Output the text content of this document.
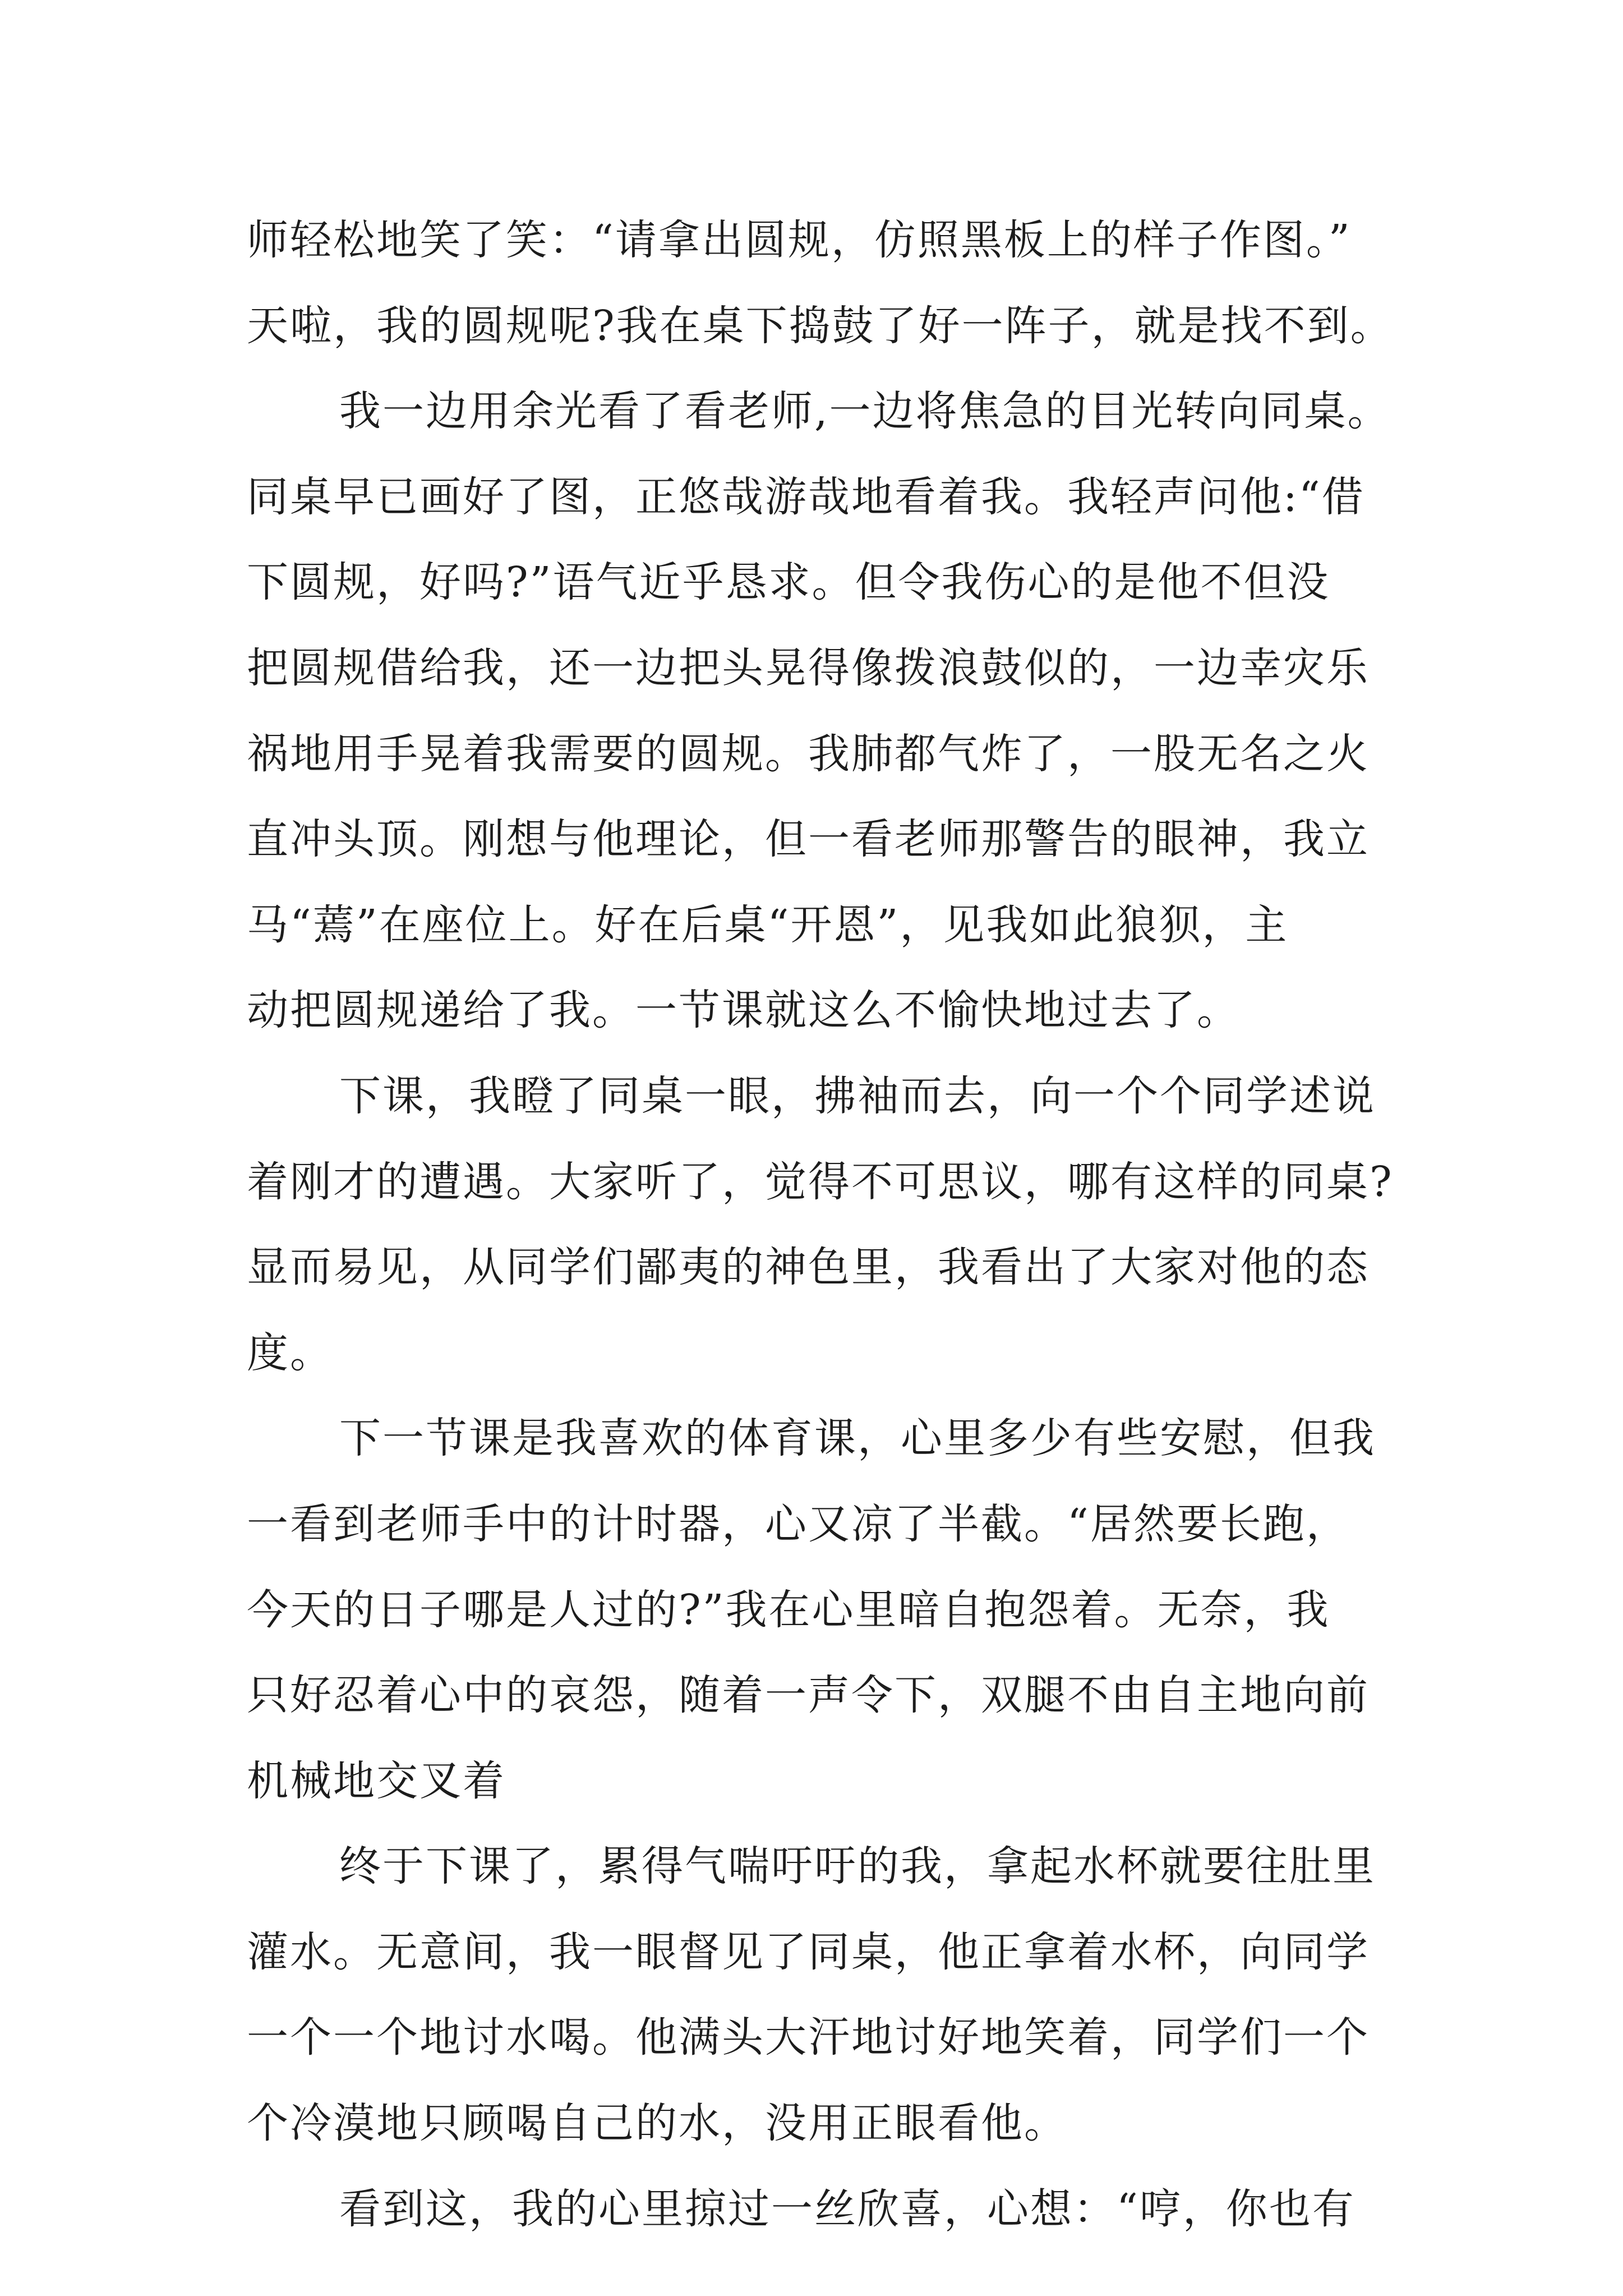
师轻松地笑了笑：“请拿出圆规，仿照黑板上的样子作图。”
天啦，我的圆规呢?我在桌下捣鼓了好一阵子，就是找不到。
我一边用余光看了看老师,一边将焦急的目光转向同桌。
同桌早已画好了图，正悠哉游哉地看着我。我轻声问他:“借
下圆规，好吗?”语气近乎恳求。但令我伤心的是他不但没
把圆规借给我，还一边把头晃得像拨浪鼓似的，一边幸灾乐
祸地用手晃着我需要的圆规。我肺都气炸了，一股无名之火
直冲头顶。刚想与他理论，但一看老师那警告的眼神，我立
马“蔫”在座位上。好在后桌“开恩”，见我如此狼狈，主
动把圆规递给了我。一节课就这么不愉快地过去了。
下课，我瞪了同桌一眼，拂袖而去，向一个个同学述说
着刚才的遭遇。大家听了，觉得不可思议，哪有这样的同桌?
显而易见，从同学们鄙夷的神色里，我看出了大家对他的态
度。
下一节课是我喜欢的体育课，心里多少有些安慰，但我
一看到老师手中的计时器，心又凉了半截。“居然要长跑，
今天的日子哪是人过的?”我在心里暗自抱怨着。无奈，我
只好忍着心中的哀怨，随着一声令下，双腿不由自主地向前
机械地交叉着
终于下课了，累得气喘吁吁的我，拿起水杯就要往肚里
灌水。无意间，我一眼督见了同桌，他正拿着水杯，向同学
一个一个地讨水喝。他满头大汗地讨好地笑着，同学们一个
个冷漠地只顾喝自己的水，没用正眼看他。
看到这，我的心里掠过一丝欣喜，心想：“哼，你也有
